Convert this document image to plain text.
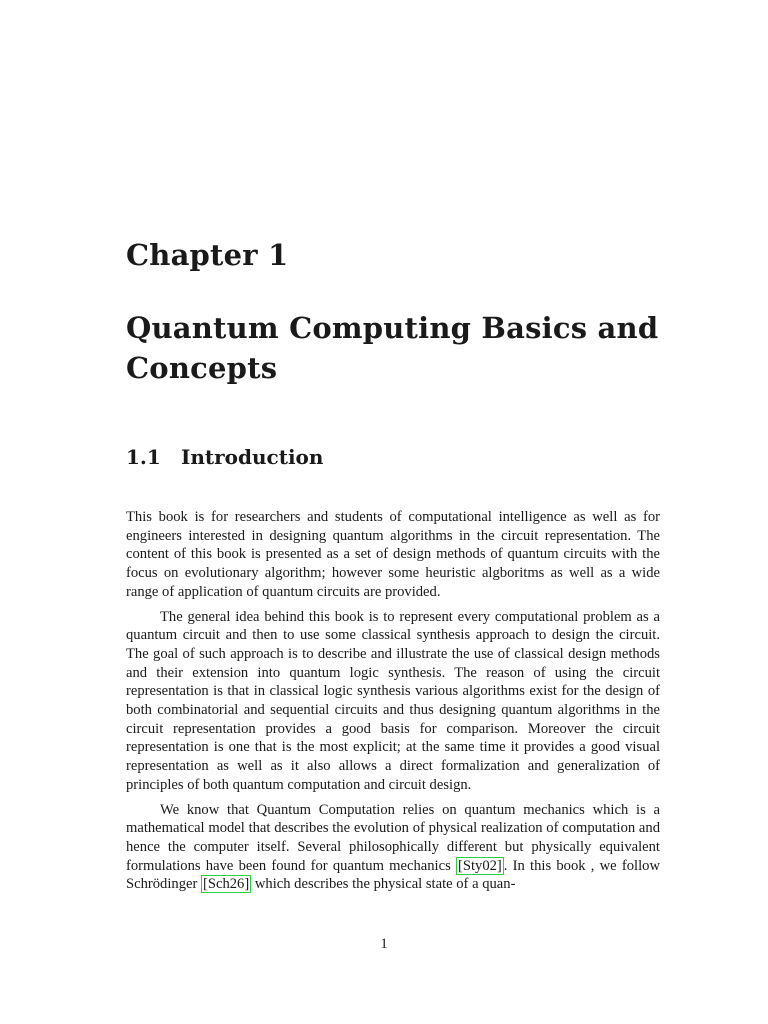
Chapter 1
Quantum Computing Basics and Concepts
1.1 Introduction

This book is for researchers and students of computational intelligence as well as for engineers interested in designing quantum algorithms in the circuit representation. The content of this book is presented as a set of design methods of quantum circuits with the focus on evolutionary algorithm; however some heuristic algboritms as well as a wide range of application of quantum circuits are provided.

The general idea behind this book is to represent every computational problem as a quantum circuit and then to use some classical synthesis approach to design the circuit. The goal of such approach is to describe and illustrate the use of classical design methods and their extension into quantum logic synthesis. The reason of using the circuit representation is that in classical logic synthesis various algorithms exist for the design of both combinatorial and sequential circuits and thus designing quantum algorithms in the circuit representation provides a good basis for comparison. Moreover the circuit representation is one that is the most explicit; at the same time it provides a good visual representation as well as it also allows a direct formalization and generalization of principles of both quantum computation and circuit design.

We know that Quantum Computation relies on quantum mechanics which is a mathematical model that describes the evolution of physical realization of computation and hence the computer itself. Several philosophically different but physically equivalent formulations have been found for quantum mechanics [Sty02] . In this book , we follow Schrödinger [Sch26] which describes the physical state of a quan-

1
